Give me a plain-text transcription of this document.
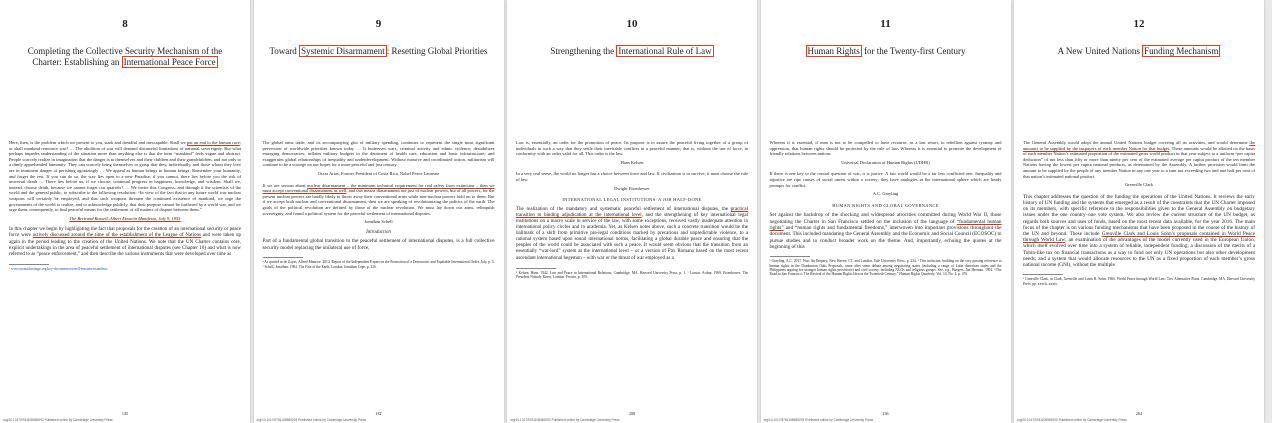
8
Completing the Collective Security Mechanism of the Charter: Establishing an International Peace Force

Here, then, is the problem which we present to you, stark and dreadful and inescapable: Shall we put an end to the human race; or shall mankind renounce war? … The abolition of war will demand distasteful limitations of national sovereignty. But what perhaps impedes understanding of the situation more than anything else is that the term “mankind” feels vague and abstract. People scarcely realize in imagination that the danger is to themselves and their children and their grandchildren, and not only to a dimly apprehended humanity. They can scarcely bring themselves to grasp that they, individually, and those whom they love are in imminent danger of perishing agonizingly … We appeal as human beings to human beings: Remember your humanity, and forget the rest. If you can do so, the way lies open to a new Paradise; if you cannot, there lies before you the risk of universal death … There lies before us, if we choose, continual progress in happiness, knowledge, and wisdom. Shall we, instead, choose death, because we cannot forget our quarrels? … We invite this Congress, and through it the scientists of the world and the general public, to subscribe to the following resolution: “In view of the fact that in any future world war nuclear weapons will certainly be employed, and that such weapons threaten the continued existence of mankind, we urge the governments of the world to realize, and to acknowledge publicly, that their purpose cannot be furthered by a world war, and we urge them, consequently, to find peaceful means for the settlement of all matters of dispute between them.”

The Bertrand Russell–Albert Einstein Manifesto, July 9, 1955

In this chapter we begin by highlighting the fact that proposals for the creation of an international security or peace force were actively discussed around the time of the establishment of the League of Nations and were taken up again in the period leading to the creation of the United Nations. We note that the UN Charter contains core, explicit undertakings in the area of peaceful settlement of international disputes (see Chapter 10) and what is now referred to as “peace enforcement,” and then describe the various instruments that were developed over time as

¹ www.atomicheritage.org/key-documents/russell-einstein-manifesto.
145
org/10.1017/9781108569293 Published online by Cambridge University Press
9
Toward Systemic Disarmament : Resetting Global Priorities

The global arms trade, and its accompanying glut of military spending, continues to represent the single most significant perversion of worldwide priorities known today … It buttresses wars, criminal activity and ethnic violence; destabilizes emerging democracies; inflates military budgets to the detriment of health care, education and basic infrastructure; and exaggerates global relationships of inequality and underdevelopment. Without massive and coordinated action, militarism will continue to be a scourge on our hopes for a more peaceful and just century.

Oscar Arias, Former President of Costa Rica, Nobel Peace Laureate

If we are serious about nuclear disarmament – the minimum technical requirement for real safety from extinction – then we must accept conventional disarmament as well, and this means diasrmament not just of nuclear powers, but of all powers, for the present nuclear powers are hardly likely to throw away their conventional arms while non-nuclear powers hold on to them. But if we accept both nuclear and conventional disarmament, then we are speaking of revolutionizing the politics of the earth. The goals of the political revolution are defined by those of the nuclear revolution. We must lay down our arms, relinquish sovereignty, and found a political system for the peaceful settlement of international disputes.

Jonathan Schell
Introduction

Part of a fundamental global transition to the peaceful settlement of international disputes, is a full collective security model replacing the unilateral use of force,

¹ As quoted in de Zayas, Alfred-Maurice. 2014. Report of the Independent Expert on the Promotion of a Democratic and Equitable International Order, July, p. 3. ² Schell, Jonathan. 1982. The Fate of the Earth, London, Jonathan Cape, p. 226.
182
org/10.1017/9781108569293 Published online by Cambridge University Press
10
Strengthening the International Rule of Law

Law is, essentially, an order for the promotion of peace. Its purpose is to assure the peaceful living together of a group of individuals in such a way that they settle their inevitable conflicts in a peaceful manner; that is, without the use of force, in conformity with an order valid for all. This order is the law.

Hans Kelsen

In a very real sense, the world no longer has a choice between force and law. If civilization is to survive, it must choose the rule of law.

Dwight Eisenhower
INTERNATIONAL LEGAL INSTITUTIONS: A JOB HALF-DONE

The realization of the mandatory and systematic peaceful settlement of international disputes, the practical transition to binding adjudication at the international level, and the strengthening of key international legal institutions on a macro scale in service of the law, with some exceptions, received vastly inadequate attention in international policy circles and in academia. Yet, as Kelsen notes above, such a concrete transition would be the hallmark of a shift from primitive pre-legal conditions marked by precarious and unpredictable violence, to a rational system based upon sound international norms, facilitating a global durable peace and ensuring that the peoples of the world could be associated with such a peace. It would seem obvious that the transition from an essentially “war-lord” system at the international level – or a version of Pax Romana based on the most recent ascendant international hegemon – with war or the threat of war employed as a

¹ Kelsen, Hans. 1942. Law and Peace in International Relations, Cambridge, MA, Harvard University Press, p. 1. ² Larson, Arthur. 1969. Eisenhower: The President Nobody Knew, London, Frewin, p. 109.
208
org/10.1017/9781108569293 Published online by Cambridge University Press
11
Human Rights for the Twenty-first Century

Whereas it is essential, if man is not to be compelled to have recourse, as a last resort, to rebellion against tyranny and oppression, that human rights should be protected by the rule of law, Whereas it is essential to promote the development of friendly relations between nations

Universal Declaration of Human Rights (UDHR)

If there is one key to the central question of war, it is justice. A fair world would be a far less conflicted one. Inequality and injustice are ripe causes of social unrest within a society; they have analogies in the international sphere which are heady prompts for conflict.

A.C. Grayling
HUMAN RIGHTS AND GLOBAL GOVERNANCE

Set against the backdrop of the shocking and widespread atrocities committed during World War II, those negotiating the Charter in San Francisco settled on the inclusion of the language of “fundamental human rights” and “human rights and fundamental freedoms,” interwoven into important provisions throughout the document. This included mandating the General Assembly and the Economic and Social Council (ECOSOC) to pursue studies and to conduct broader work on the theme. And, importantly, echoing the quotes at the beginning of this

¹ Grayling, A.C. 2017. War: An Enquiry, New Haven, CT, and London, Yale University Press, p. 234. ² This inclusion, building on the very passing reference to human rights in the Dumbarton Oaks Proposals, came after some debate among negotiating states (including a range of Latin American states and the Philippines arguing for stronger human rights provisions) and civil society, including NGOs and religious groups. See, e.g., Burgers, Jan Herman. 1992. “The Road to San Francisco: The Revival of the Human Rights Idea in the Twentieth Century.” Human Rights Quarterly, Vol. 14, No. 4, p. 476.
236
org/10.1017/9781108569293 Published online by Cambridge University Press
12
A New United Nations Funding Mechanism

The General Assembly would adopt the annual United Nations budget covering all its activities, and would determine the amounts to be supplied by the taxpayers of each member Nation for that budget. These amounts would be allotted on the basis of each member Nation’s estimated proportion of the estimated gross world product in that year subject to a uniform “per capita deduction” of not less than fifty or more than ninety per cent of the estimated average per capita product of the ten member Nations having the lowest per capita national products, as determined by the Assembly. A further provision would limit the amount to be supplied by the people of any member Nation in any one year to a sum not exceeding two and one half per cent of that nation’s estimated national product.

Grenville Clark

This chapter addresses the question of the funding the operations of the United Nations. It reviews the early history of UN funding and the systems that emerged as a result of the constraints that the UN Charter imposed on its members, with specific reference to the responsibilities given to the General Assembly on budgetary issues under the one country–one vote system. We also review the current structure of the UN budget, as regards both sources and uses of funds, based on the most recent data available, for the year 2016. The main focus of the chapter is on various funding mechanisms that have been proposed in the course of the history of the UN and beyond. These include Grenville Clark and Louis Sohn’s proposals contained in World Peace through World Law; an examination of the advantages of the model currently used in the European Union, which itself evolved over time into a system of reliable, independent funding; a discussion of the merits of a Tobin-like tax on financial transactions as a way to fund not only UN operations but also other development needs; and a system that would allocate resources to the UN as a fixed proportion of each member’s gross national income (GNI), without the multiple

¹ Grenville Clark, in Clark, Grenville and Louis B. Sohn. 1966. World Peace through World Law: Two Alternative Plans. Cambridge, MA, Harvard University Press, pp. xxxvii–xxxix.
264
org/10.1017/9781108569293 Published online by Cambridge University Press
